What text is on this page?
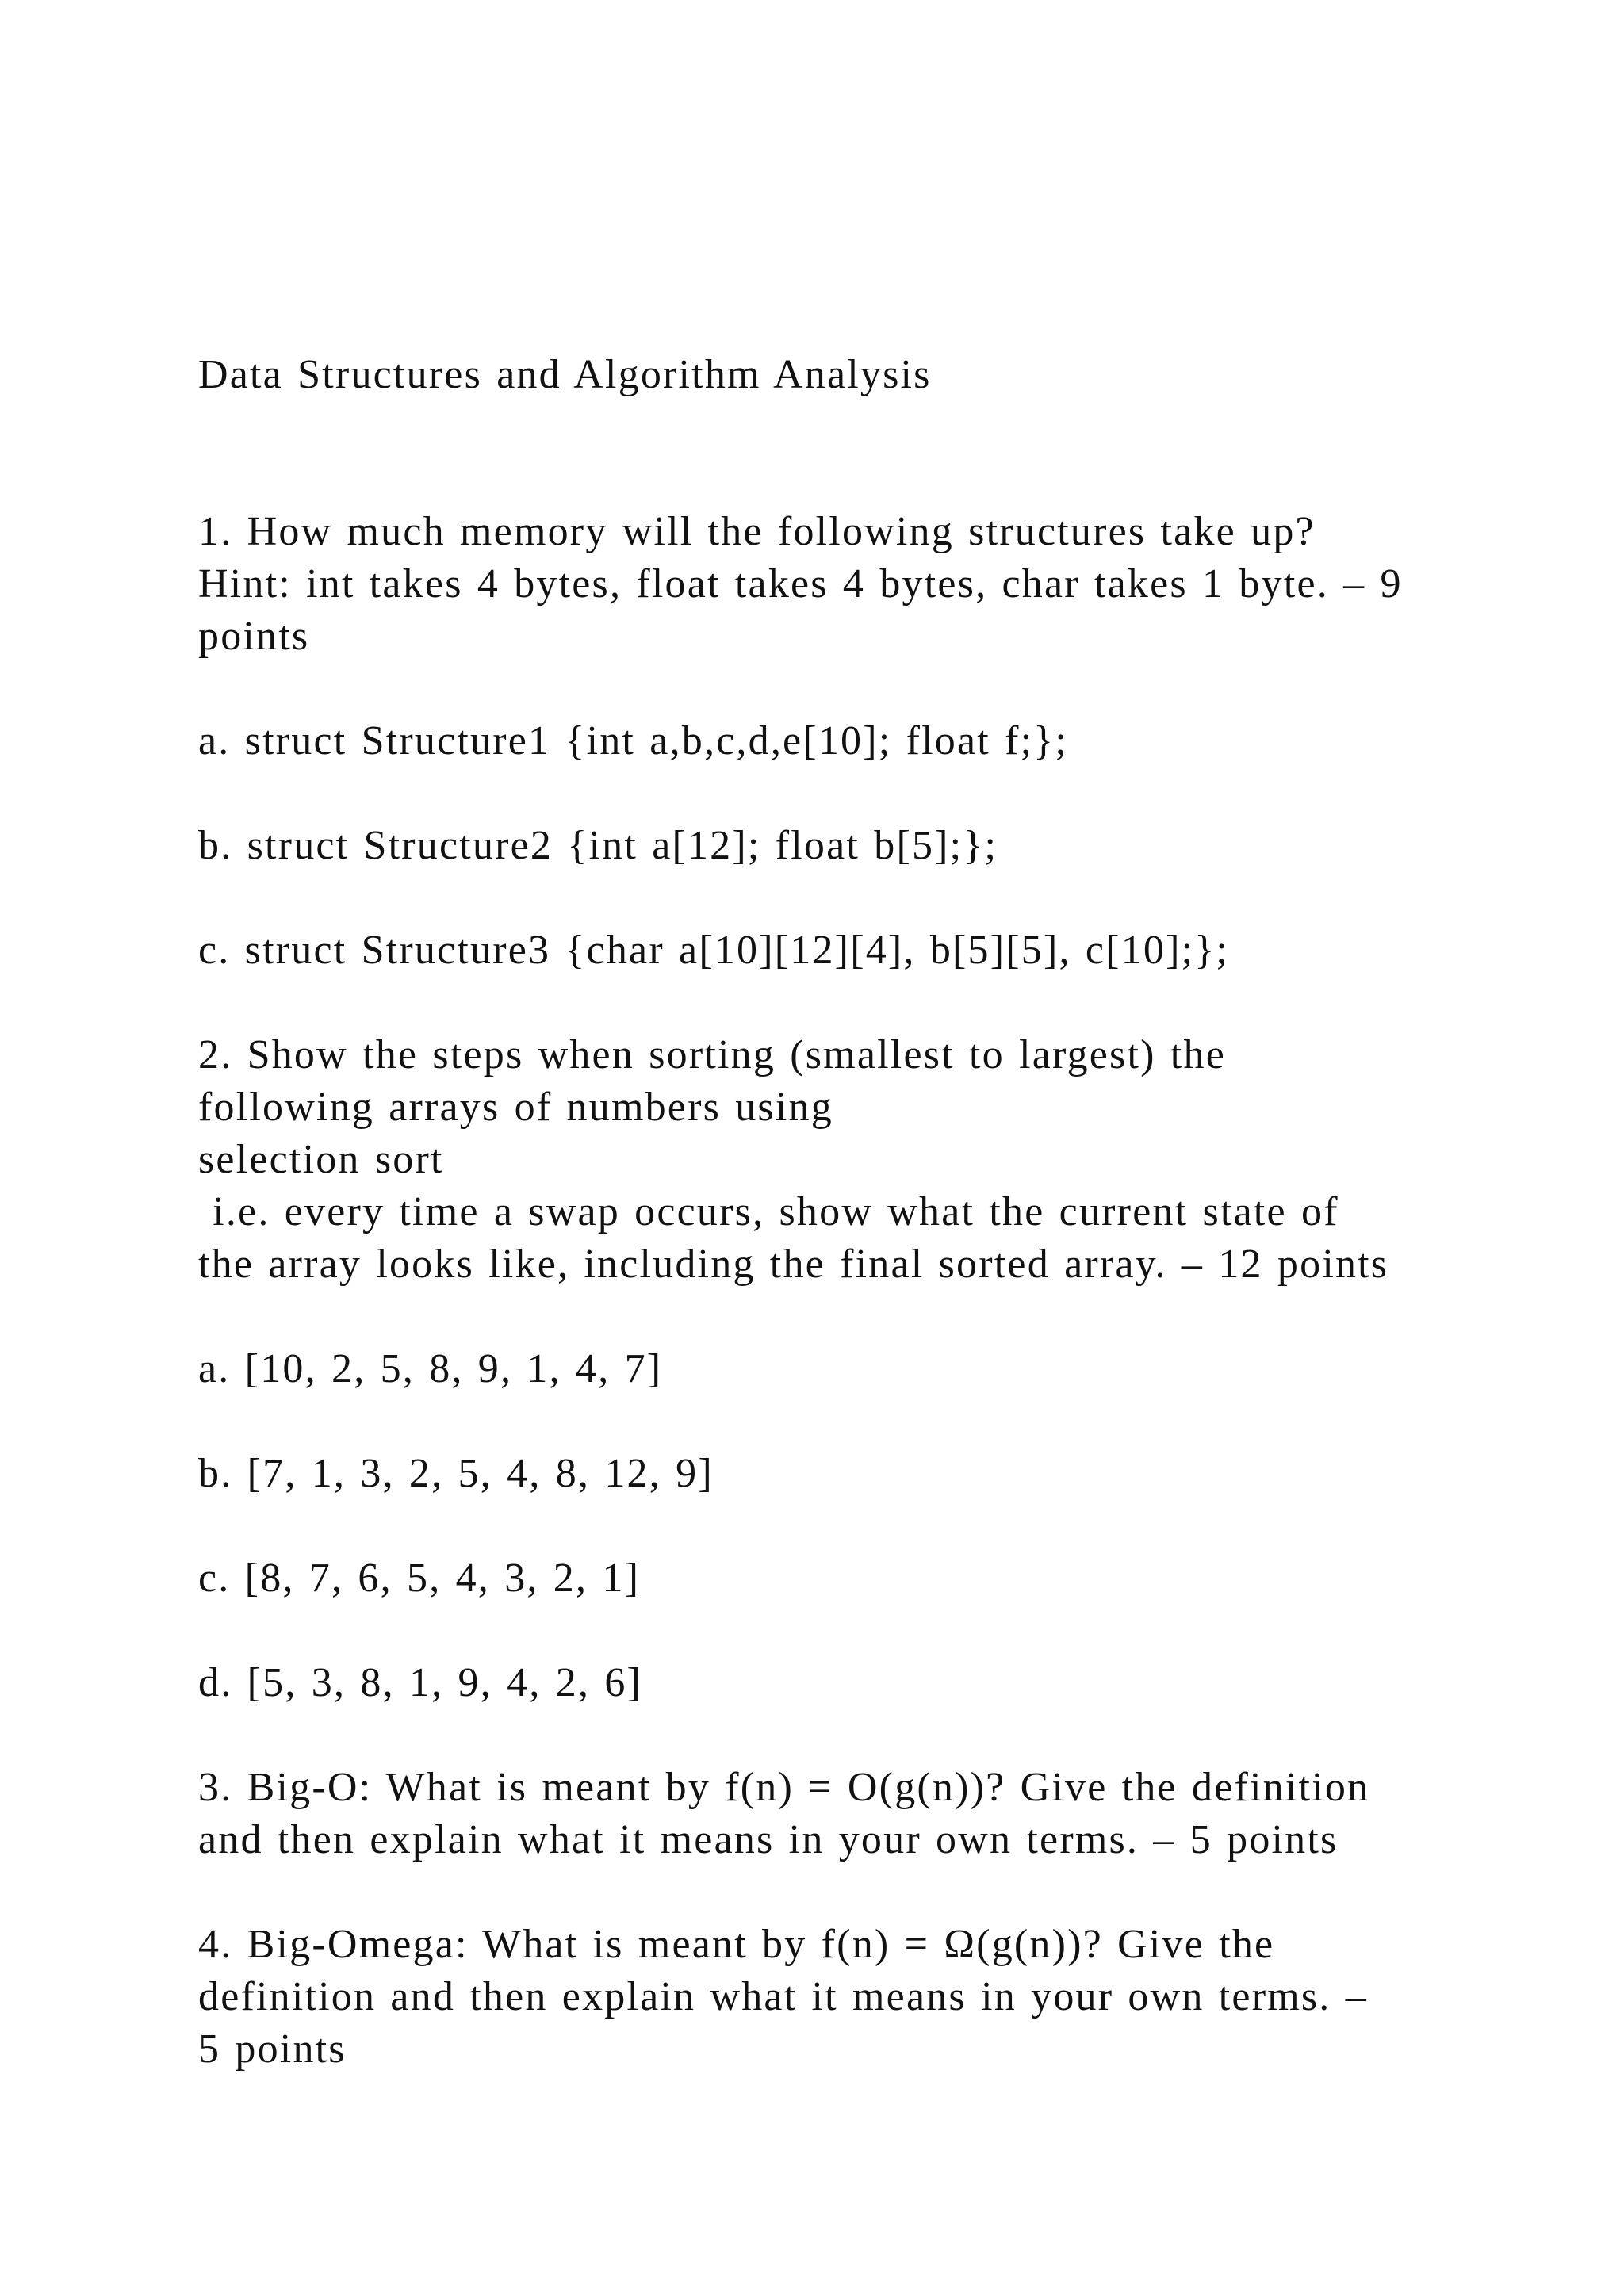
Data Structures and Algorithm Analysis
1. How much memory will the following structures take up?
Hint: int takes 4 bytes, float takes 4 bytes, char takes 1 byte. – 9
points
a. struct Structure1 {int a,b,c,d,e[10]; float f;};
b. struct Structure2 {int a[12]; float b[5];};
c. struct Structure3 {char a[10][12][4], b[5][5], c[10];};
2. Show the steps when sorting (smallest to largest) the
following arrays of numbers using
selection sort
i.e. every time a swap occurs, show what the current state of
the array looks like, including the final sorted array. – 12 points
a. [10, 2, 5, 8, 9, 1, 4, 7]
b. [7, 1, 3, 2, 5, 4, 8, 12, 9]
c. [8, 7, 6, 5, 4, 3, 2, 1]
d. [5, 3, 8, 1, 9, 4, 2, 6]
3. Big-O: What is meant by f(n) = O(g(n))? Give the definition
and then explain what it means in your own terms. – 5 points
4. Big-Omega: What is meant by f(n) = Ω(g(n))? Give the
definition and then explain what it means in your own terms. –
5 points
